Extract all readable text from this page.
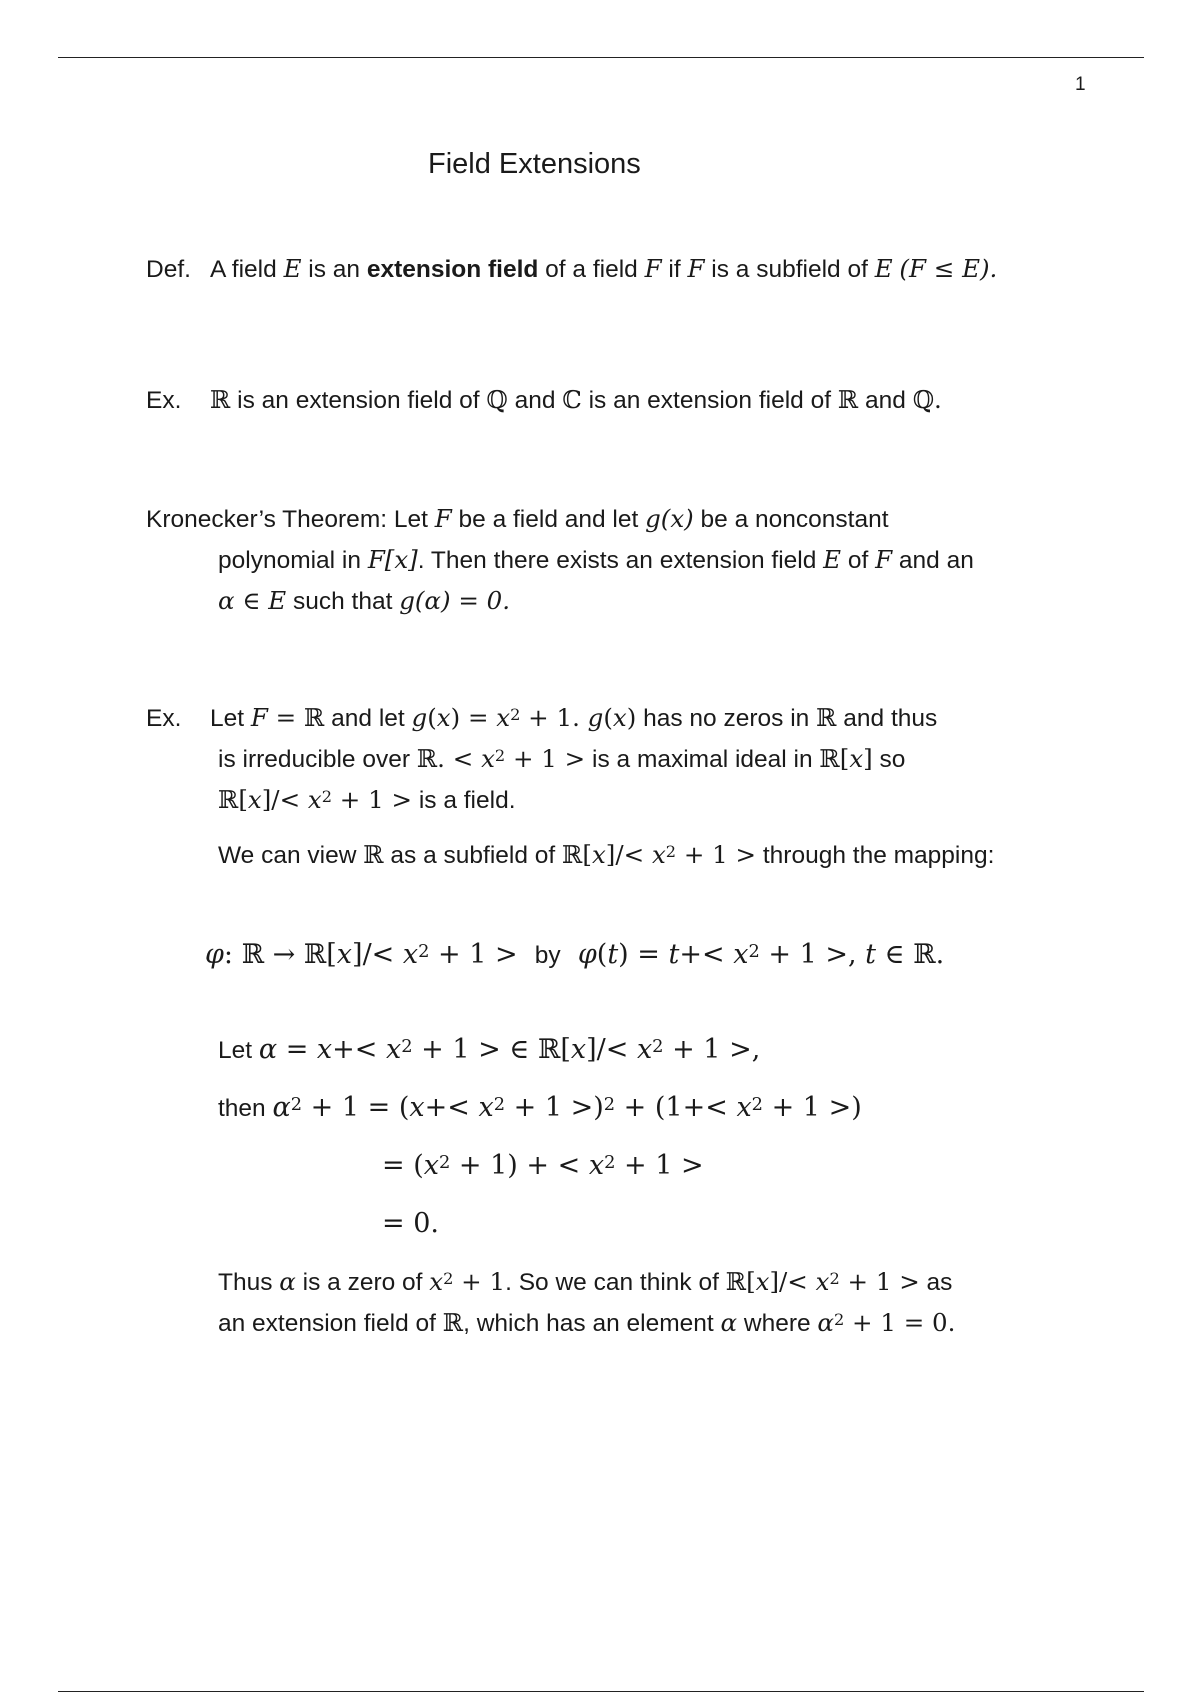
1
Field Extensions
Def. A field E is an extension field of a field F if F is a subfield of E (F ≤ E).
Ex. ℝ is an extension field of ℚ and ℂ is an extension field of ℝ and ℚ.
Kronecker’s Theorem: Let F be a field and let g(x) be a nonconstant
polynomial in F[x]. Then there exists an extension field E of F and an
α ∈ E such that g(α) = 0.
Ex. Let F = ℝ and let $g(x) = x^2 + 1$. g(x) has no zeros in ℝ and thus
is irreducible over ℝ. < $x^2 + 1$ > is a maximal ideal in ℝ[x] so
ℝ[x]/< $x^2 + 1$ > is a field.
We can view ℝ as a subfield of ℝ[x]/< $x^2 + 1$ > through the mapping:
φ: ℝ → ℝ[x]/< $x^2 + 1$ >  by $\varphi(t) = t+< x^2 + 1$ >, t ∈ ℝ.
Let $\alpha = x+< x^2 + 1$ > ∈ ℝ[x]/< $x^2 + 1$ >,
then $\alpha^2 + 1 = (x+< x^2 + 1 >)^2 + (1+< x^2 + 1$ >)
= $(x^2 + 1)$ + < $x^2 + 1$ >
= 0.
Thus α is a zero of $x^2 + 1$. So we can think of ℝ[x]/< $x^2 + 1$ > as
an extension field of ℝ, which has an element α where $\alpha^2 + 1 = 0$.
